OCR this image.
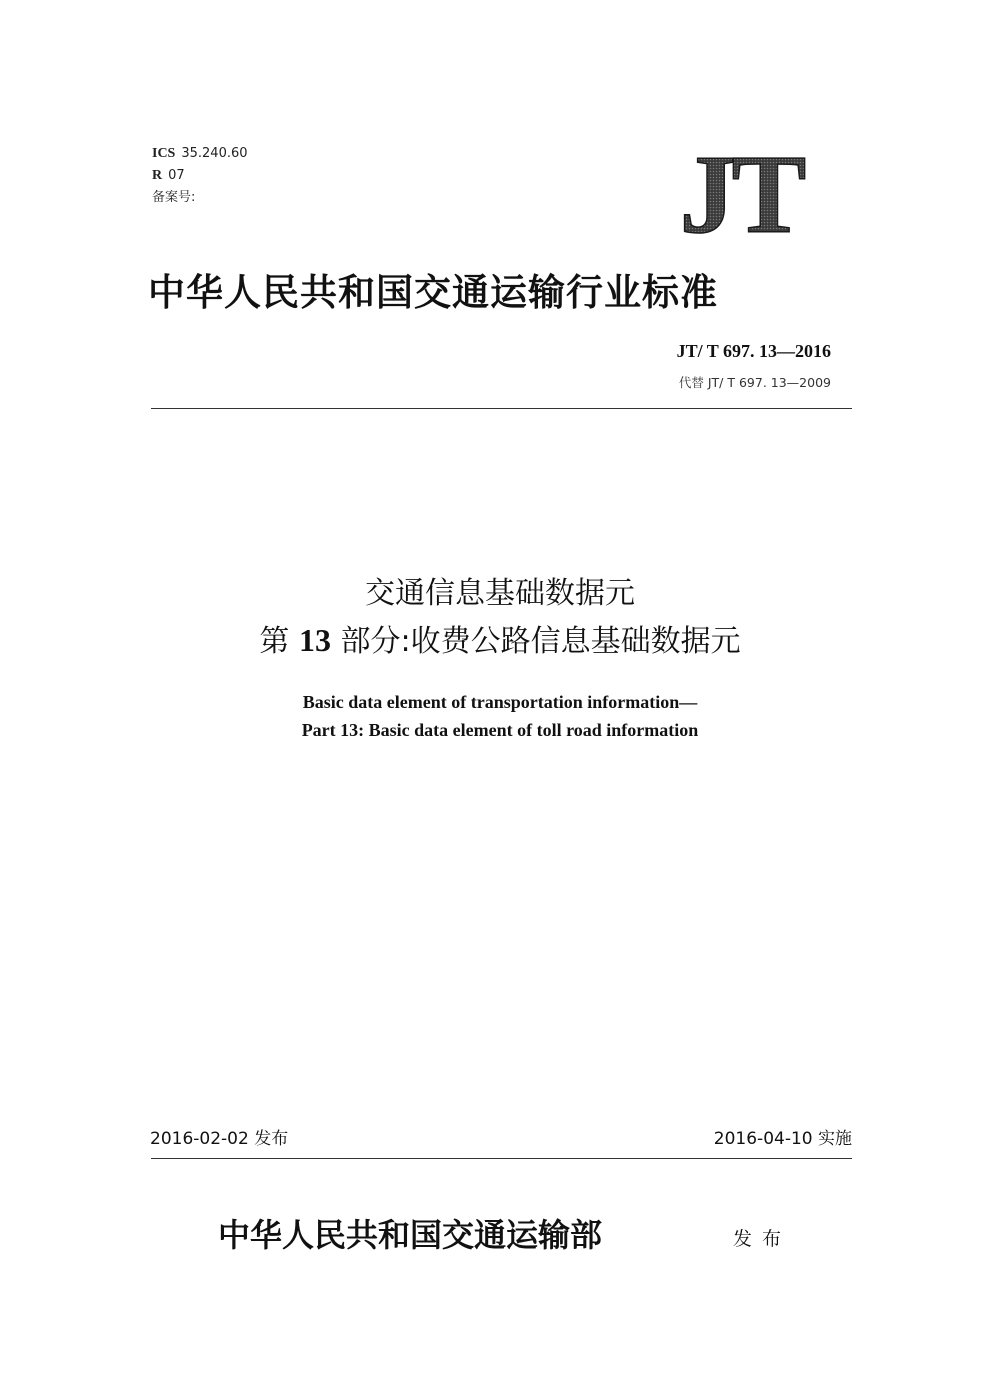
ICS 35.240.60
R 07
备案号:	JT
中华人民共和国交通运输行业标准
JT/ T 697. 13—2016
代替 JT/ T 697. 13—2009
交通信息基础数据元
第 13 部分:收费公路信息基础数据元
Basic data element of transportation information—
Part 13: Basic data element of toll road information
2016-02-02 发布	2016-04-10 实施
中华人民共和国交通运输部	发布
